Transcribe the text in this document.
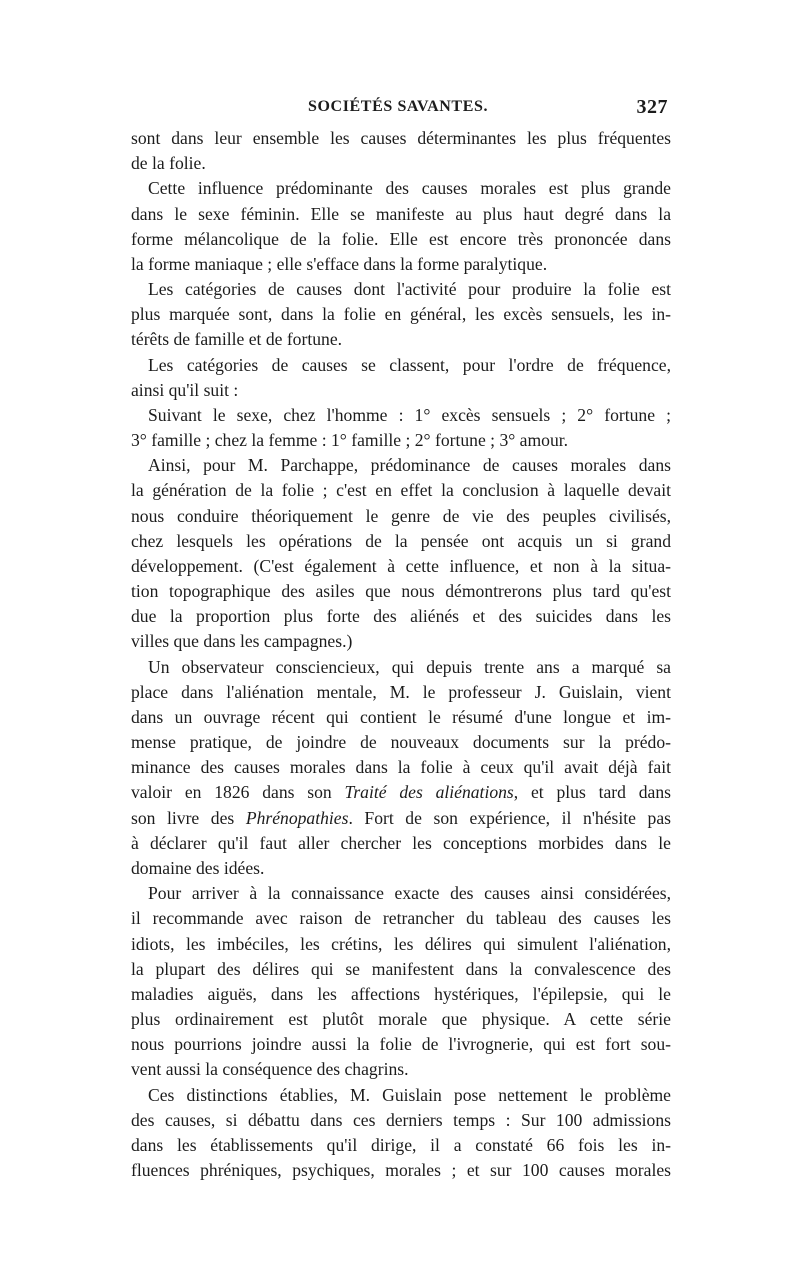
SOCIÉTÉS SAVANTES.	327
sont dans leur ensemble les causes déterminantes les plus fréquentes
de la folie.
Cette influence prédominante des causes morales est plus grande
dans le sexe féminin. Elle se manifeste au plus haut degré dans la
forme mélancolique de la folie. Elle est encore très prononcée dans
la forme maniaque ; elle s'efface dans la forme paralytique.
Les catégories de causes dont l'activité pour produire la folie est
plus marquée sont, dans la folie en général, les excès sensuels, les in-
térêts de famille et de fortune.
Les catégories de causes se classent, pour l'ordre de fréquence,
ainsi qu'il suit :
Suivant le sexe, chez l'homme : 1° excès sensuels ; 2° fortune ;
3° famille ; chez la femme : 1° famille ; 2° fortune ; 3° amour.
Ainsi, pour M. Parchappe, prédominance de causes morales dans
la génération de la folie ; c'est en effet la conclusion à laquelle devait
nous conduire théoriquement le genre de vie des peuples civilisés,
chez lesquels les opérations de la pensée ont acquis un si grand
développement. (C'est également à cette influence, et non à la situa-
tion topographique des asiles que nous démontrerons plus tard qu'est
due la proportion plus forte des aliénés et des suicides dans les
villes que dans les campagnes.)
Un observateur consciencieux, qui depuis trente ans a marqué sa
place dans l'aliénation mentale, M. le professeur J. Guislain, vient
dans un ouvrage récent qui contient le résumé d'une longue et im-
mense pratique, de joindre de nouveaux documents sur la prédo-
minance des causes morales dans la folie à ceux qu'il avait déjà fait
valoir en 1826 dans son Traité des aliénations, et plus tard dans
son livre des Phrénopathies. Fort de son expérience, il n'hésite pas
à déclarer qu'il faut aller chercher les conceptions morbides dans le
domaine des idées.
Pour arriver à la connaissance exacte des causes ainsi considérées,
il recommande avec raison de retrancher du tableau des causes les
idiots, les imbéciles, les crétins, les délires qui simulent l'aliénation,
la plupart des délires qui se manifestent dans la convalescence des
maladies aiguës, dans les affections hystériques, l'épilepsie, qui le
plus ordinairement est plutôt morale que physique. A cette série
nous pourrions joindre aussi la folie de l'ivrognerie, qui est fort sou-
vent aussi la conséquence des chagrins.
Ces distinctions établies, M. Guislain pose nettement le problème
des causes, si débattu dans ces derniers temps : Sur 100 admissions
dans les établissements qu'il dirige, il a constaté 66 fois les in-
fluences phréniques, psychiques, morales ; et sur 100 causes morales
